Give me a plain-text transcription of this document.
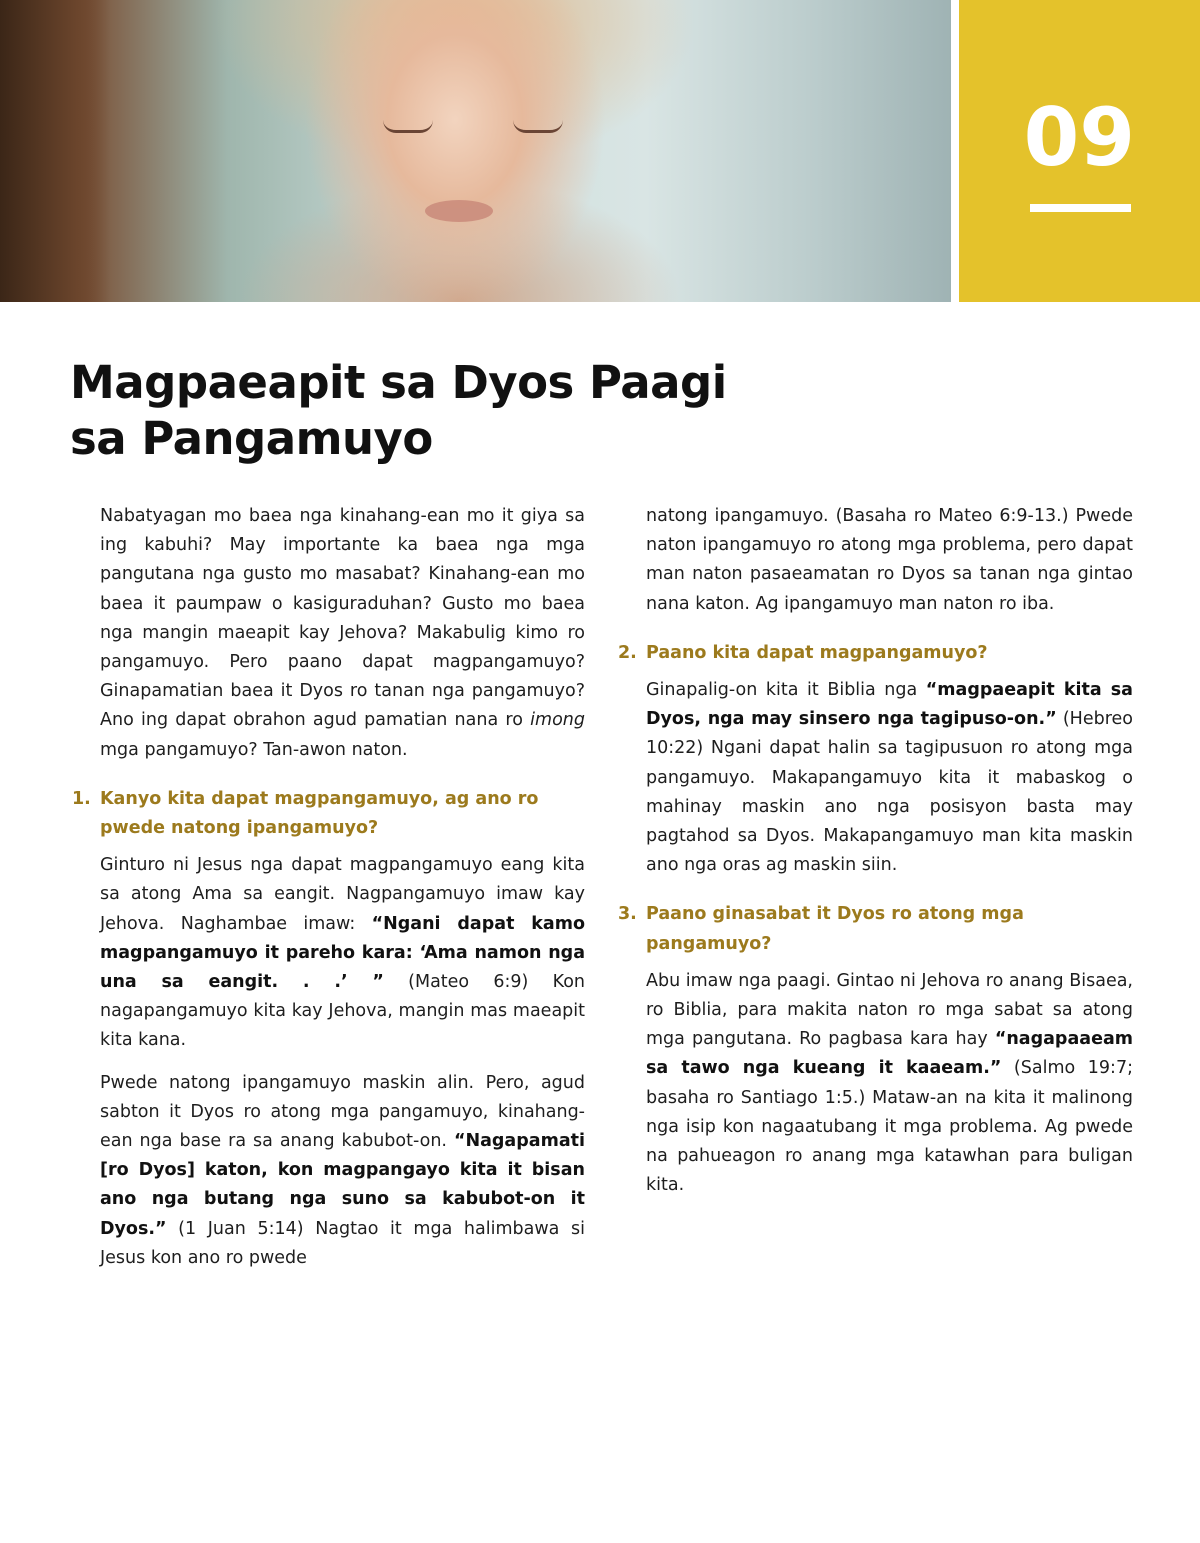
09
Magpaeapit sa Dyos Paagi
sa Pangamuyo

Nabatyagan mo baea nga kinahang-ean mo it giya sa ing kabuhi? May importante ka baea nga mga pangutana nga gusto mo masabat? Kinahang-ean mo baea it paumpaw o kasiguraduhan? Gusto mo baea nga mangin maeapit kay Jehova? Makabulig kimo ro pangamuyo. Pero paano dapat magpangamuyo? Ginapamatian baea it Dyos ro tanan nga pangamuyo? Ano ing dapat obrahon agud pamatian nana ro imong mga pangamuyo? Tan-awon naton.

1. Kanyo kita dapat magpangamuyo, ag ano ro pwede natong ipangamuyo?

Ginturo ni Jesus nga dapat magpangamuyo eang kita sa atong Ama sa eangit. Nagpangamuyo imaw kay Jehova. Naghambae imaw: “Ngani dapat kamo magpangamuyo it pareho kara: ‘Ama namon nga una sa eangit. . .’ ” (Mateo 6:9) Kon nagapangamuyo kita kay Jehova, mangin mas maeapit kita kana.

Pwede natong ipangamuyo maskin alin. Pero, agud sabton it Dyos ro atong mga pangamuyo, kinahang-ean nga base ra sa anang kabubot-on. “Nagapamati [ro Dyos] katon, kon magpangayo kita it bisan ano nga butang nga suno sa kabubot-on it Dyos.” (1 Juan 5:14) Nagtao it mga halimbawa si Jesus kon ano ro pwede

natong ipangamuyo. (Basaha ro Mateo 6:9-13.) Pwede naton ipangamuyo ro atong mga problema, pero dapat man naton pasaeamatan ro Dyos sa tanan nga gintao nana katon. Ag ipangamuyo man naton ro iba.

2. Paano kita dapat magpangamuyo?

Ginapalig-on kita it Biblia nga “magpaeapit kita sa Dyos, nga may sinsero nga tagipuso-on.” (Hebreo 10:22) Ngani dapat halin sa tagipusuon ro atong mga pangamuyo. Makapangamuyo kita it mabaskog o mahinay maskin ano nga posisyon basta may pagtahod sa Dyos. Makapangamuyo man kita maskin ano nga oras ag maskin siin.

3. Paano ginasabat it Dyos ro atong mga pangamuyo?

Abu imaw nga paagi. Gintao ni Jehova ro anang Bisaea, ro Biblia, para makita naton ro mga sabat sa atong mga pangutana. Ro pagbasa kara hay “nagapaaeam sa tawo nga kueang it kaaeam.” (Salmo 19:7; basaha ro Santiago 1:5.) Mataw-an na kita it malinong nga isip kon nagaatubang it mga problema. Ag pwede na pahueagon ro anang mga katawhan para buligan kita.
